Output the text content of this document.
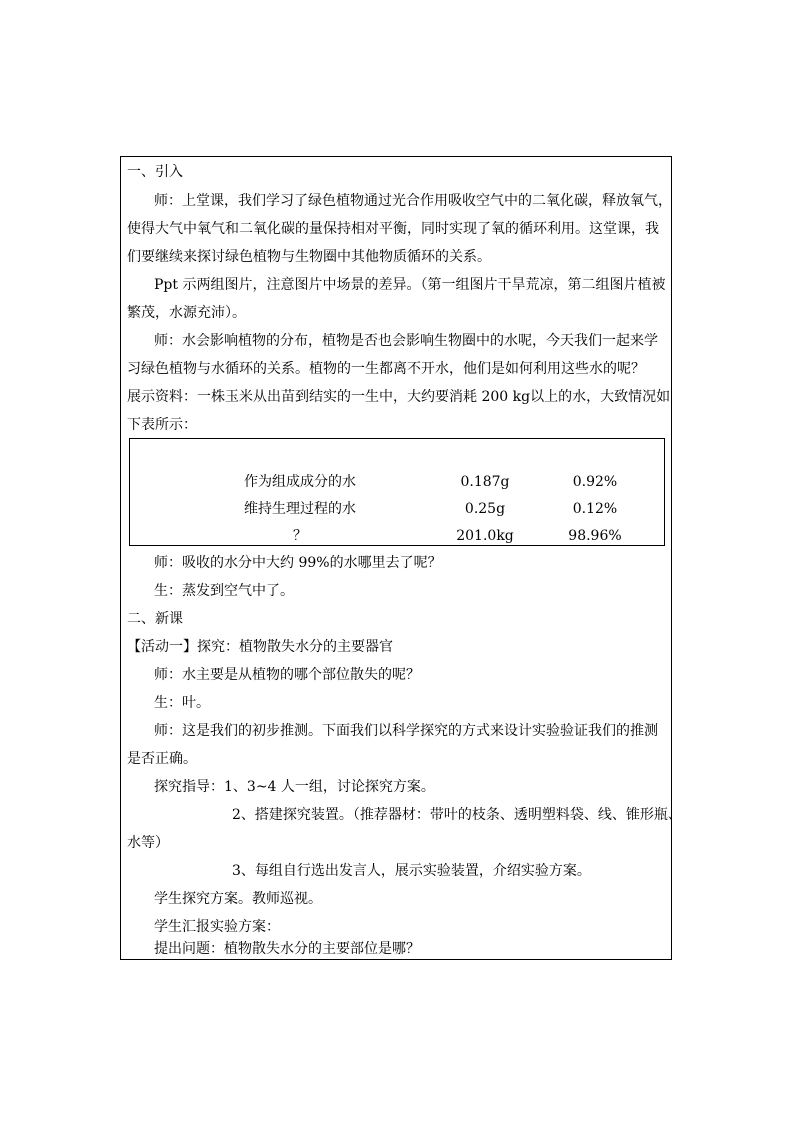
一、引入
师：上堂课，我们学习了绿色植物通过光合作用吸收空气中的二氧化碳，释放氧气，
使得大气中氧气和二氧化碳的量保持相对平衡，同时实现了氧的循环利用。这堂课，我
们要继续来探讨绿色植物与生物圈中其他物质循环的关系。
Ppt 示两组图片，注意图片中场景的差异。（第一组图片干旱荒凉，第二组图片植被
繁茂，水源充沛）。
师：水会影响植物的分布，植物是否也会影响生物圈中的水呢，今天我们一起来学
习绿色植物与水循环的关系。植物的一生都离不开水，他们是如何利用这些水的呢？
展示资料：一株玉米从出苗到结实的一生中，大约要消耗 200 kg以上的水，大致情况如
下表所示：
作为组成成分的水	0.187g	0.92%
维持生理过程的水	0.25g	0.12%
？	201.0kg	98.96%
师：吸收的水分中大约 99%的水哪里去了呢？
生：蒸发到空气中了。
二、新课
【活动一】探究：植物散失水分的主要器官
师：水主要是从植物的哪个部位散失的呢？
生：叶。
师：这是我们的初步推测。下面我们以科学探究的方式来设计实验验证我们的推测
是否正确。
探究指导：1、3~4 人一组，讨论探究方案。
2、搭建探究装置。（推荐器材：带叶的枝条、透明塑料袋、线、锥形瓶、
水等）
3、每组自行选出发言人，展示实验装置，介绍实验方案。
学生探究方案。教师巡视。
学生汇报实验方案：
提出问题：植物散失水分的主要部位是哪？
